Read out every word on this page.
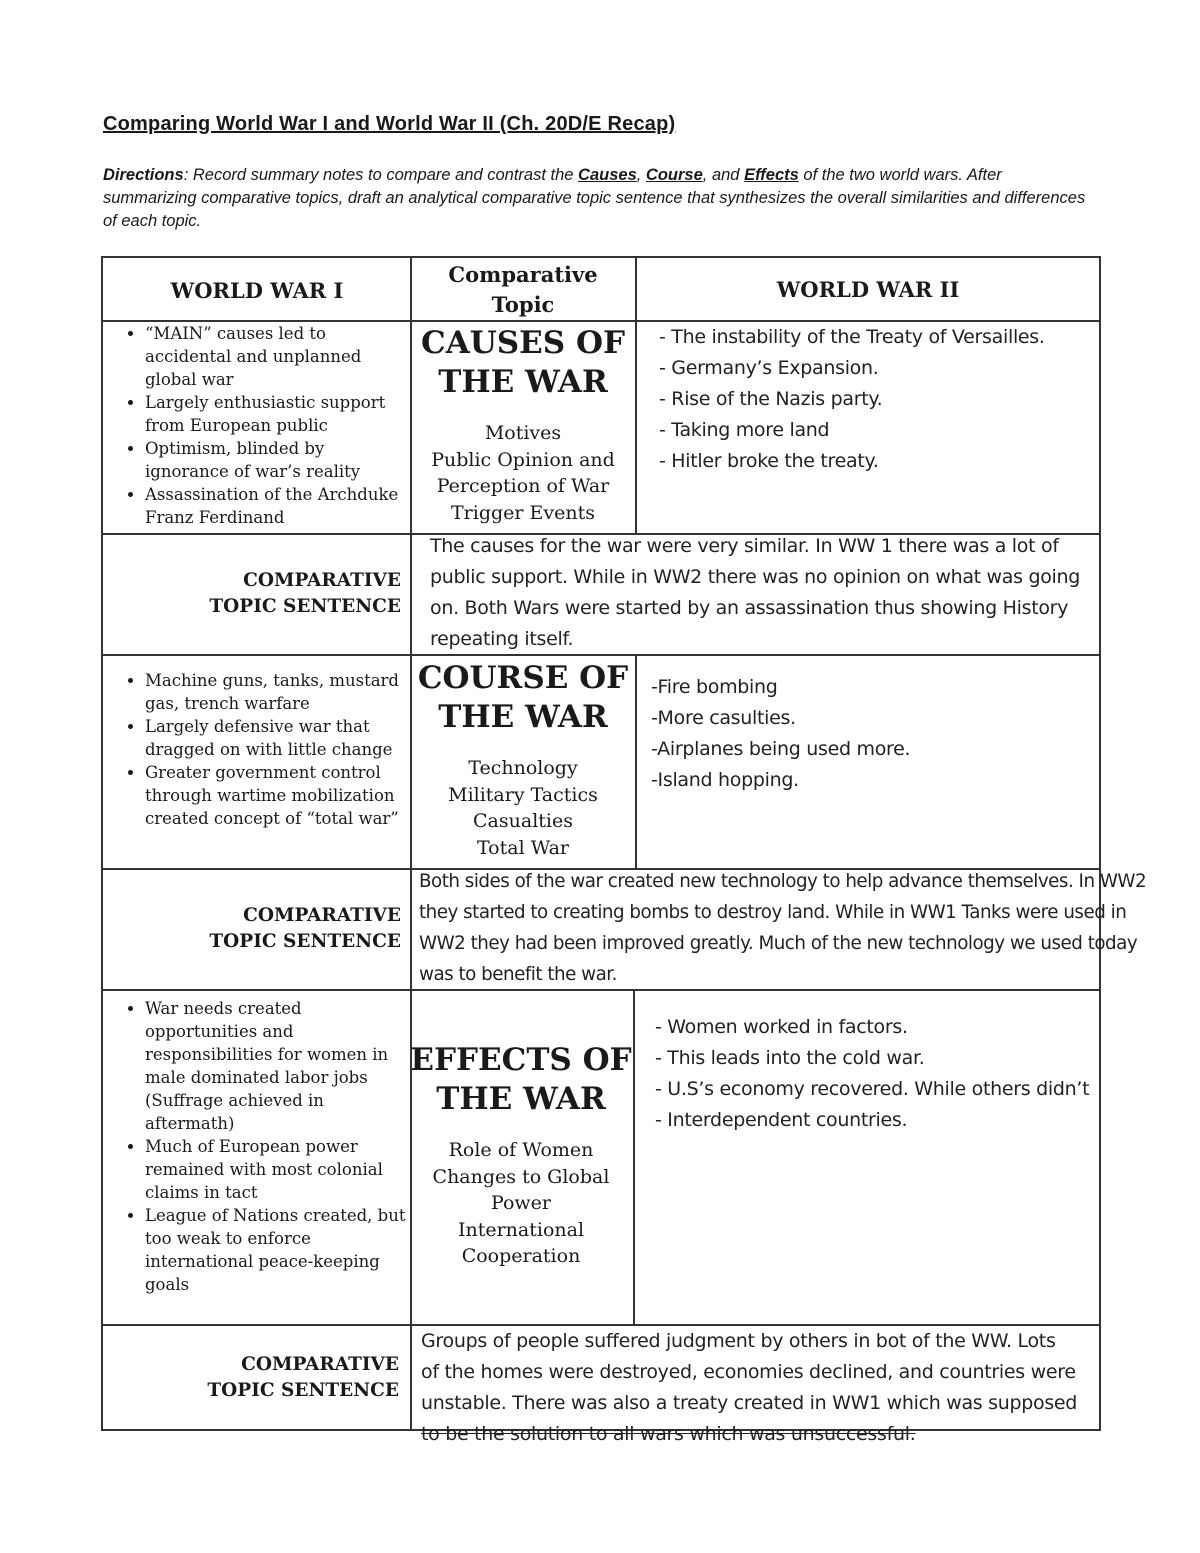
Comparing World War I and World War II (Ch. 20D/E Recap)
Directions: Record summary notes to compare and contrast the Causes, Course, and Effects of the two world wars. After summarizing comparative topics, draft an analytical comparative topic sentence that synthesizes the overall similarities and differences of each topic.
WORLD WAR I
Comparative
Topic
WORLD WAR II
• “MAIN” causes led to accidental and unplanned global war
• Largely enthusiastic support from European public
• Optimism, blinded by ignorance of war’s reality
• Assassination of the Archduke Franz Ferdinand
CAUSES OF
THE WAR
Motives
Public Opinion and
Perception of War
Trigger Events
- The instability of the Treaty of Versailles.
- Germany’s Expansion.
- Rise of the Nazis party.
- Taking more land
- Hitler broke the treaty.
COMPARATIVE
TOPIC SENTENCE
The causes for the war were very similar. In WW 1 there was a lot of
public support. While in WW2 there was no opinion on what was going
on. Both Wars were started by an assassination thus showing History
repeating itself.
• Machine guns, tanks, mustard gas, trench warfare
• Largely defensive war that dragged on with little change
• Greater government control through wartime mobilization created concept of “total war”
COURSE OF
THE WAR
Technology
Military Tactics
Casualties
Total War
-Fire bombing
-More casulties.
-Airplanes being used more.
-Island hopping.
COMPARATIVE
TOPIC SENTENCE
Both sides of the war created new technology to help advance themselves. In WW2
they started to creating bombs to destroy land. While in WW1 Tanks were used in
WW2 they had been improved greatly. Much of the new technology we used today
was to benefit the war.
• War needs created opportunities and responsibilities for women in male dominated labor jobs (Suffrage achieved in aftermath)
• Much of European power remained with most colonial claims in tact
• League of Nations created, but too weak to enforce international peace-keeping goals
EFFECTS OF
THE WAR
Role of Women
Changes to Global
Power
International
Cooperation
- Women worked in factors.
- This leads into the cold war.
- U.S’s economy recovered. While others didn’t
- Interdependent countries.
COMPARATIVE
TOPIC SENTENCE
Groups of people suffered judgment by others in bot of the WW. Lots
of the homes were destroyed, economies declined, and countries were
unstable. There was also a treaty created in WW1 which was supposed
to be the solution to all wars which was unsuccessful.
